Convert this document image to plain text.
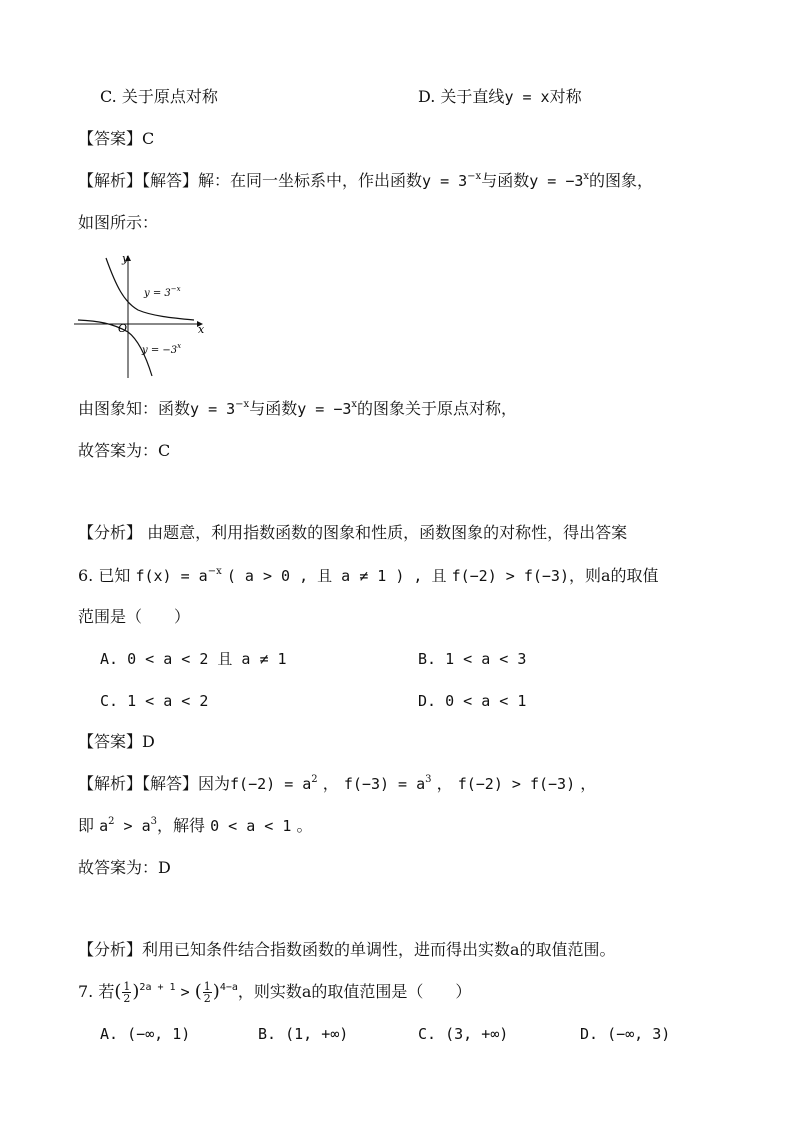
C. 关于原点对称	D. 关于直线y = x对称
【答案】C
【解析】【解答】解：在同一坐标系中，作出函数$y = 3^{-x}$与函数$y = -3^x$的图象，
如图所示：
y
x
O
$y = 3^{-x}$
$y = -3^x$
由图象知：函数$y = 3^{-x}$与函数$y = -3^x$的图象关于原点对称，
故答案为：C
【分析】 由题意，利用指数函数的图象和性质，函数图象的对称性，得出答案
6. 已知 $f(x) = a^{-x}$ ( a > 0 , 且 a ≠ 1 ) , 且 f(−2) > f(−3)，则a的取值
范围是（　　）
A. 0 < a < 2 且 a ≠ 1	B. 1 < a < 3
C. 1 < a < 2	D. 0 < a < 1
【答案】D
【解析】【解答】因为$f(-2) = a^2$ ， $f(-3) = a^3$ ， f(−2) > f(−3) ，
即 $a^2 > a^3$，解得 0 < a < 1 。
故答案为：D
【分析】利用已知条件结合指数函数的单调性，进而得出实数a的取值范围。
7. 若( $\frac{1}{2} )^{2a + 1}$ > ( $\frac{1}{2} )^{4-a}$，则实数a的取值范围是（　　）
A. (−∞, 1)	B. (1, +∞)	C. (3, +∞)	D. (−∞, 3)
